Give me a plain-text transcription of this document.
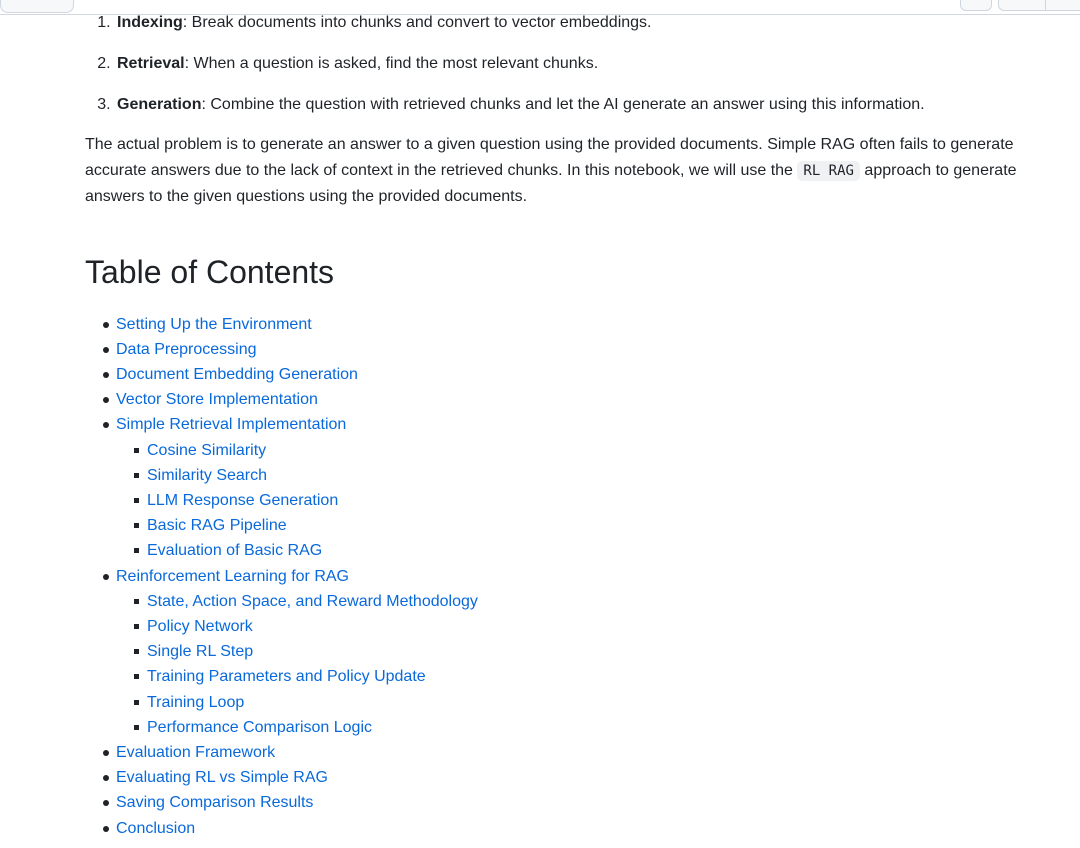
1. Indexing: Break documents into chunks and convert to vector embeddings.
2. Retrieval: When a question is asked, find the most relevant chunks.
3. Generation: Combine the question with retrieved chunks and let the AI generate an answer using this information.

The actual problem is to generate an answer to a given question using the provided documents. Simple RAG often fails to generate accurate answers due to the lack of context in the retrieved chunks. In this notebook, we will use the RL RAG approach to generate answers to the given questions using the provided documents.

Table of Contents
Setting Up the Environment
Data Preprocessing
Document Embedding Generation
Vector Store Implementation
Simple Retrieval Implementation
Cosine Similarity
Similarity Search
LLM Response Generation
Basic RAG Pipeline
Evaluation of Basic RAG
Reinforcement Learning for RAG
State, Action Space, and Reward Methodology
Policy Network
Single RL Step
Training Parameters and Policy Update
Training Loop
Performance Comparison Logic
Evaluation Framework
Evaluating RL vs Simple RAG
Saving Comparison Results
Conclusion
